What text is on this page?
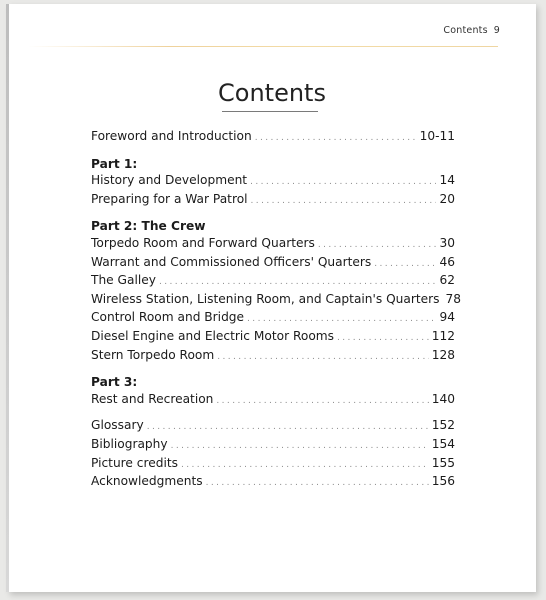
Contents 9
Contents
Foreword and Introduction .....	10-11
Part 1:
History and Development .....	14
Preparing for a War Patrol .....	20
Part 2: The Crew
Torpedo Room and Forward Quarters .....	30
Warrant and Commissioned Officers' Quarters .....	46
The Galley .....	62
Wireless Station, Listening Room, and Captain's Quarters 78
Control Room and Bridge .....	94
Diesel Engine and Electric Motor Rooms .....	112
Stern Torpedo Room .....	128
Part 3:
Rest and Recreation .....	140
Glossary .....	152
Bibliography .....	154
Picture credits .....	155
Acknowledgments .....	156
